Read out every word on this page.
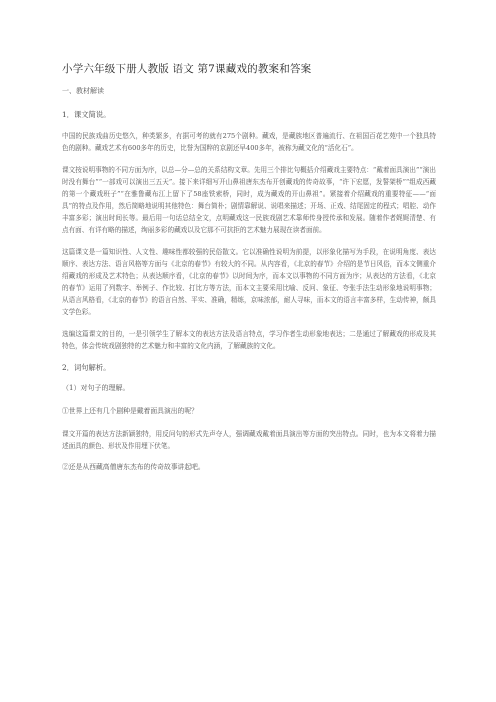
小学六年级下册人教版 语文 第7课藏戏的教案和答案
一、教材解读
1．课文简说。

中国的民族戏曲历史悠久，种类繁多，有据可考的就有275个剧种。藏戏，是藏族地区普遍流行、在祖国百花艺苑中一个独具特色的剧种。藏戏艺术有600多年的历史，比誉为国粹的京剧还早400多年，被称为藏文化的“活化石”。

课文按说明事物的不同方面为序，以总—分—总的关系结构文章。先用三个排比句概括介绍藏戏主要特点：“戴着面具演出”“演出时没有舞台”“一部戏可以演出三五天”。接下来详细写开山鼻祖唐东杰布开创藏戏的传奇故事，“许下宏愿，发誓架桥”“组成西藏的第一个藏戏班子”“在雅鲁藏布江上留下了58座铁索桥，同时，成为藏戏的开山鼻祖”。紧接着介绍藏戏的重要特征——“面具”的特点及作用，然后简略地说明其他特色：舞台简朴；剧情靠解说、说唱来描述；开场、正戏、结尾固定的程式；唱腔、动作丰富多彩；演出时间长等。最后用一句话总结全文，点明藏戏这一民族戏剧艺术靠师传身授传承和发展。随着作者娓娓清楚、有点有面、有详有略的描述，绚丽多彩的藏戏以及它那不可抗拒的艺术魅力展现在读者面前。

这篇课文是一篇知识性、人文性、趣味性都较强的民俗散文。它以准确性说明为前提，以形象化描写为手段，在说明角度、表达顺序、表达方法、语言风格等方面与《北京的春节》有较大的不同。从内容看，《北京的春节》介绍的是节日风俗，而本文侧重介绍藏戏的形成及艺术特色；从表达顺序看，《北京的春节》以时间为序，而本文以事物的不同方面为序；从表达的方法看，《北京的春节》运用了列数字、举例子、作比较、打比方等方法，而本文主要采用比喻、反问、象征、夸张手法生动形象地说明事物；从语言风格看，《北京的春节》的语言自然、平实、准确，精练，京味浓郁，耐人寻味，而本文的语言丰富多样，生动传神，颇具文学色彩。

选编这篇课文的目的，一是引领学生了解本文的表达方法及语言特点，学习作者生动形象地表达；二是通过了解藏戏的形成及其特色，体会传统戏剧独特的艺术魅力和丰富的文化内涵，了解藏族的文化。

2．词句解析。
（1）对句子的理解。
①世界上还有几个剧种是戴着面具演出的呢？

课文开篇的表达方法新颖独特，用反问句的形式先声夺人，强调藏戏戴着面具演出等方面的突出特点。同时，也为本文将着力描述面具的颜色、形状及作用埋下伏笔。

②还是从西藏高僧唐东杰布的传奇故事讲起吧。
